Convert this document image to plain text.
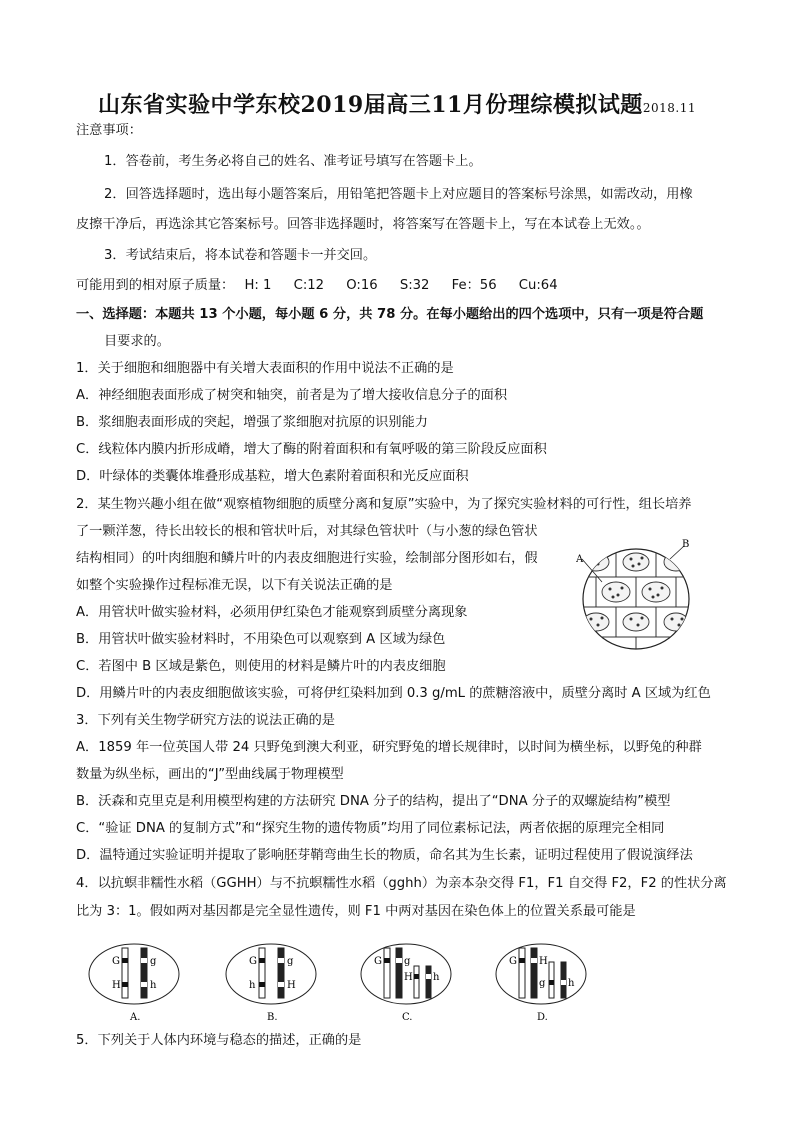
山东省实验中学东校2019届高三11月份理综模拟试题2018.11
注意事项：
1．答卷前，考生务必将自己的姓名、准考证号填写在答题卡上。
2．回答选择题时，选出每小题答案后，用铅笔把答题卡上对应题目的答案标号涂黑，如需改动，用橡
皮擦干净后，再选涂其它答案标号。回答非选择题时，将答案写在答题卡上，写在本试卷上无效。。
3．考试结束后，将本试卷和答题卡一并交回。
可能用到的相对原子质量： H: 1 C:12 O:16 S:32 Fe：56 Cu:64
一、选择题：本题共 13 个小题，每小题 6 分，共 78 分。在每小题给出的四个选项中，只有一项是符合题
目要求的。
1．关于细胞和细胞器中有关增大表面积的作用中说法不正确的是
A．神经细胞表面形成了树突和轴突，前者是为了增大接收信息分子的面积
B．浆细胞表面形成的突起，增强了浆细胞对抗原的识别能力
C．线粒体内膜内折形成嵴，增大了酶的附着面积和有氧呼吸的第三阶段反应面积
D．叶绿体的类囊体堆叠形成基粒，增大色素附着面积和光反应面积
2．某生物兴趣小组在做“观察植物细胞的质壁分离和复原”实验中，为了探究实验材料的可行性，组长培养
了一颗洋葱，待长出较长的根和管状叶后，对其绿色管状叶（与小葱的绿色管状
结构相同）的叶肉细胞和鳞片叶的内表皮细胞进行实验，绘制部分图形如右，假
如整个实验操作过程标准无误，以下有关说法正确的是
A
B
A．用管状叶做实验材料，必须用伊红染色才能观察到质壁分离现象
B．用管状叶做实验材料时，不用染色可以观察到 A 区域为绿色
C．若图中 B 区域是紫色，则使用的材料是鳞片叶的内表皮细胞
D．用鳞片叶的内表皮细胞做该实验，可将伊红染料加到 0.3 g/mL 的蔗糖溶液中，质壁分离时 A 区域为红色
3．下列有关生物学研究方法的说法正确的是
A．1859 年一位英国人带 24 只野兔到澳大利亚，研究野兔的增长规律时，以时间为横坐标，以野兔的种群
数量为纵坐标，画出的“J”型曲线属于物理模型
B．沃森和克里克是利用模型构建的方法研究 DNA 分子的结构，提出了“DNA 分子的双螺旋结构”模型
C．“验证 DNA 的复制方式”和“探究生物的遗传物质”均用了同位素标记法，两者依据的原理完全相同
D．温特通过实验证明并提取了影响胚芽鞘弯曲生长的物质，命名其为生长素，证明过程使用了假说演绎法
4．以抗螟非糯性水稻（GGHH）与不抗螟糯性水稻（gghh）为亲本杂交得 F1，F1 自交得 F2，F2 的性状分离
比为 3：1。假如两对基因都是完全显性遗传，则 F1 中两对基因在染色体上的位置关系最可能是
G
H
g
h
A.
G
h
g
H
B.
G g
H h
C.
G H
g h
D.
5．下列关于人体内环境与稳态的描述，正确的是
